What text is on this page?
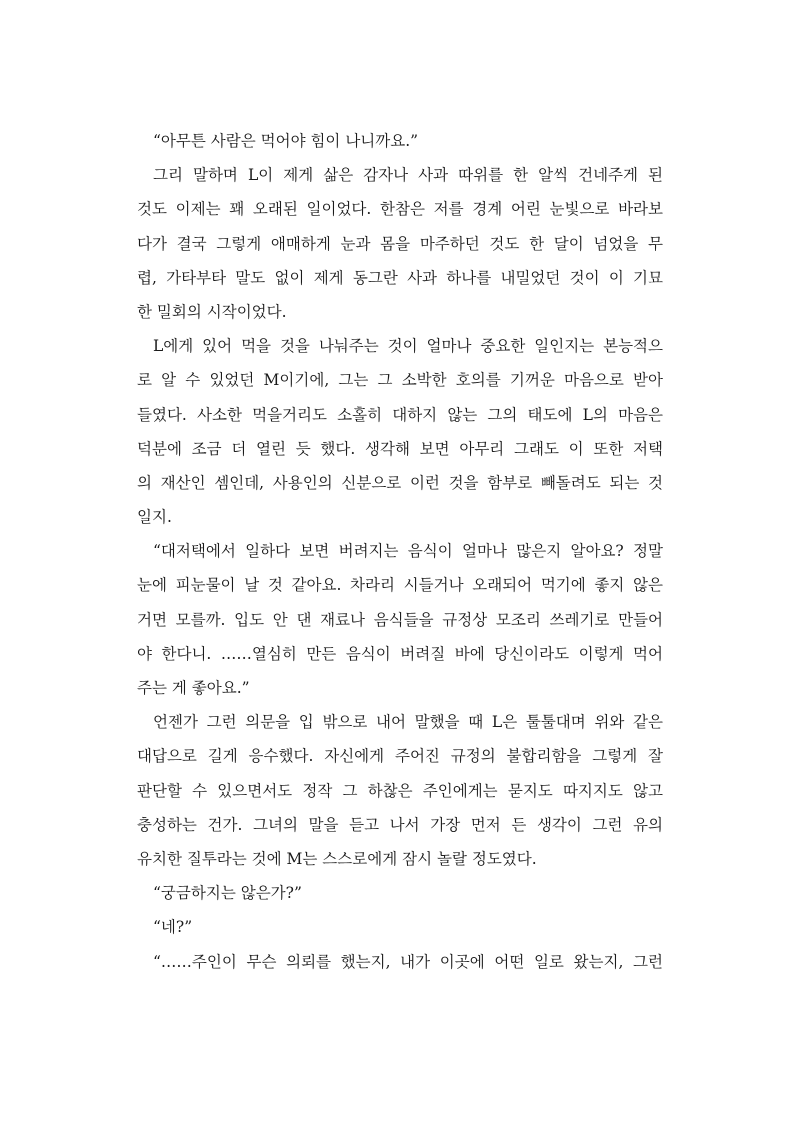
“아무튼 사람은 먹어야 힘이 나니까요.”

그리 말하며 L이 제게 삶은 감자나 사과 따위를 한 알씩 건네주게 된
것도 이제는 꽤 오래된 일이었다. 한참은 저를 경계 어린 눈빛으로 바라보
다가 결국 그렇게 애매하게 눈과 몸을 마주하던 것도 한 달이 넘었을 무
렵, 가타부타 말도 없이 제게 동그란 사과 하나를 내밀었던 것이 이 기묘
한 밀회의 시작이었다.

L에게 있어 먹을 것을 나눠주는 것이 얼마나 중요한 일인지는 본능적으
로 알 수 있었던 M이기에, 그는 그 소박한 호의를 기꺼운 마음으로 받아
들였다. 사소한 먹을거리도 소홀히 대하지 않는 그의 태도에 L의 마음은
덕분에 조금 더 열린 듯 했다. 생각해 보면 아무리 그래도 이 또한 저택
의 재산인 셈인데, 사용인의 신분으로 이런 것을 함부로 빼돌려도 되는 것
일지.

“대저택에서 일하다 보면 버려지는 음식이 얼마나 많은지 알아요? 정말
눈에 피눈물이 날 것 같아요. 차라리 시들거나 오래되어 먹기에 좋지 않은
거면 모를까. 입도 안 댄 재료나 음식들을 규정상 모조리 쓰레기로 만들어
야 한다니. ……열심히 만든 음식이 버려질 바에 당신이라도 이렇게 먹어
주는 게 좋아요.”

언젠가 그런 의문을 입 밖으로 내어 말했을 때 L은 툴툴대며 위와 같은
대답으로 길게 응수했다. 자신에게 주어진 규정의 불합리함을 그렇게 잘
판단할 수 있으면서도 정작 그 하찮은 주인에게는 묻지도 따지지도 않고
충성하는 건가. 그녀의 말을 듣고 나서 가장 먼저 든 생각이 그런 유의
유치한 질투라는 것에 M는 스스로에게 잠시 놀랄 정도였다.

“궁금하지는 않은가?”

“네?”

“……주인이 무슨 의뢰를 했는지, 내가 이곳에 어떤 일로 왔는지, 그런
